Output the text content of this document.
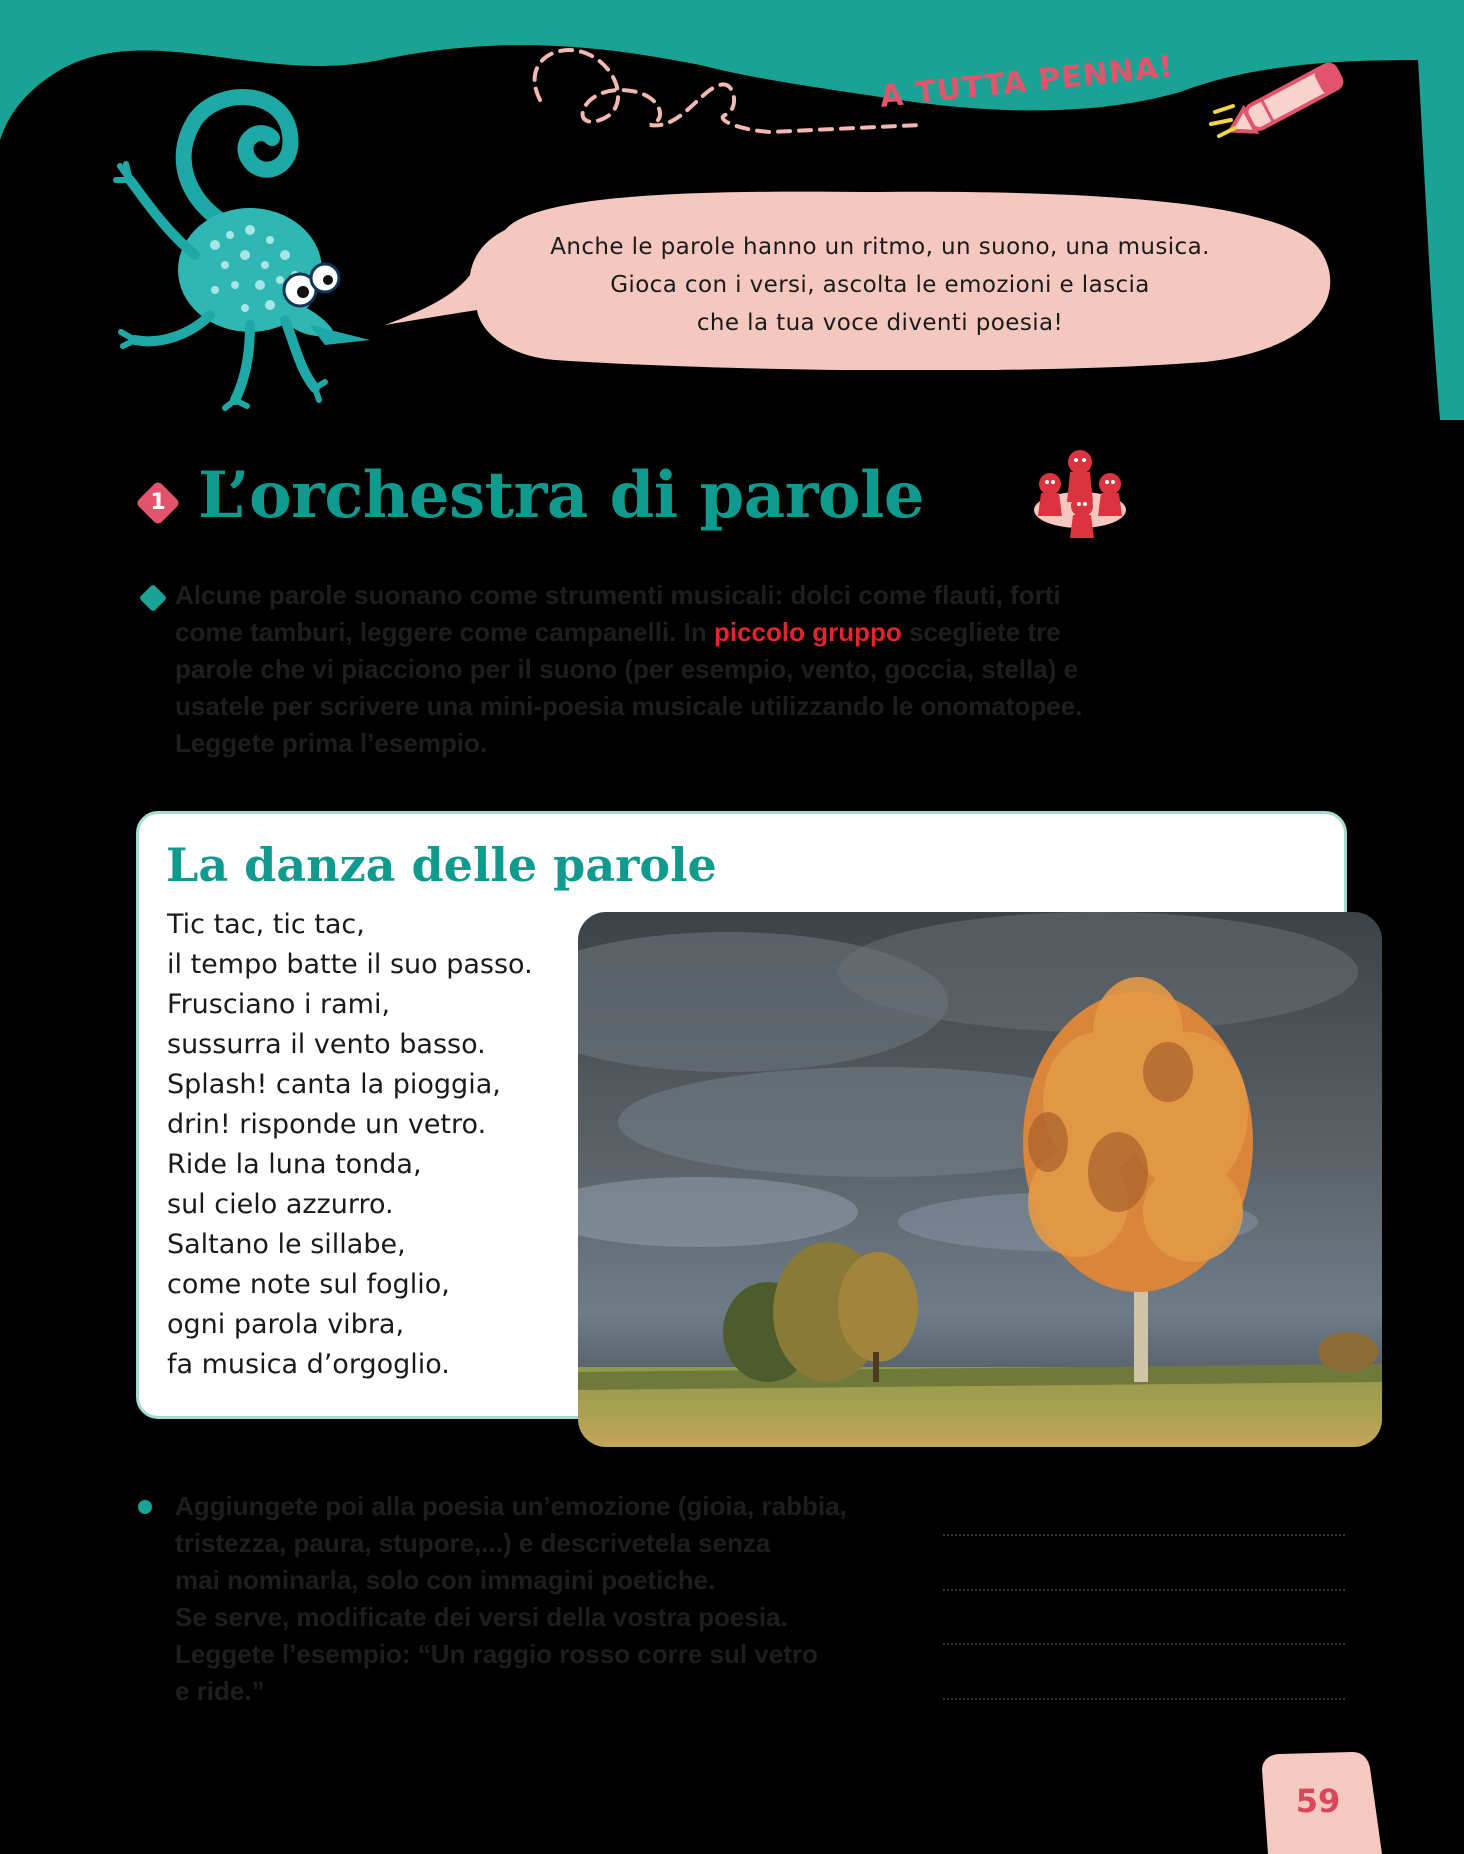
A TUTTA PENNA!
Anche le parole hanno un ritmo, un suono, una musica.
Gioca con i versi, ascolta le emozioni e lascia
che la tua voce diventi poesia!
1 L’orchestra di parole
Alcune parole suonano come strumenti musicali: dolci come flauti, forti come tamburi, leggere come campanelli. In piccolo gruppo scegliete tre parole che vi piacciono per il suono (per esempio, vento, goccia, stella) e usatele per scrivere una mini-poesia musicale utilizzando le onomatopee. Leggete prima l’esempio.
La danza delle parole
Tic tac, tic tac,
il tempo batte il suo passo.
Frusciano i rami,
sussurra il vento basso.
Splash! canta la pioggia,
drin! risponde un vetro.
Ride la luna tonda,
sul cielo azzurro.
Saltano le sillabe,
come note sul foglio,
ogni parola vibra,
fa musica d’orgoglio.
Aggiungete poi alla poesia un’emozione (gioia, rabbia,
tristezza, paura, stupore,...) e descrivetela senza
mai nominarla, solo con immagini poetiche.
Se serve, modificate dei versi della vostra poesia.
Leggete l’esempio: “Un raggio rosso corre sul vetro
e ride.”
59
